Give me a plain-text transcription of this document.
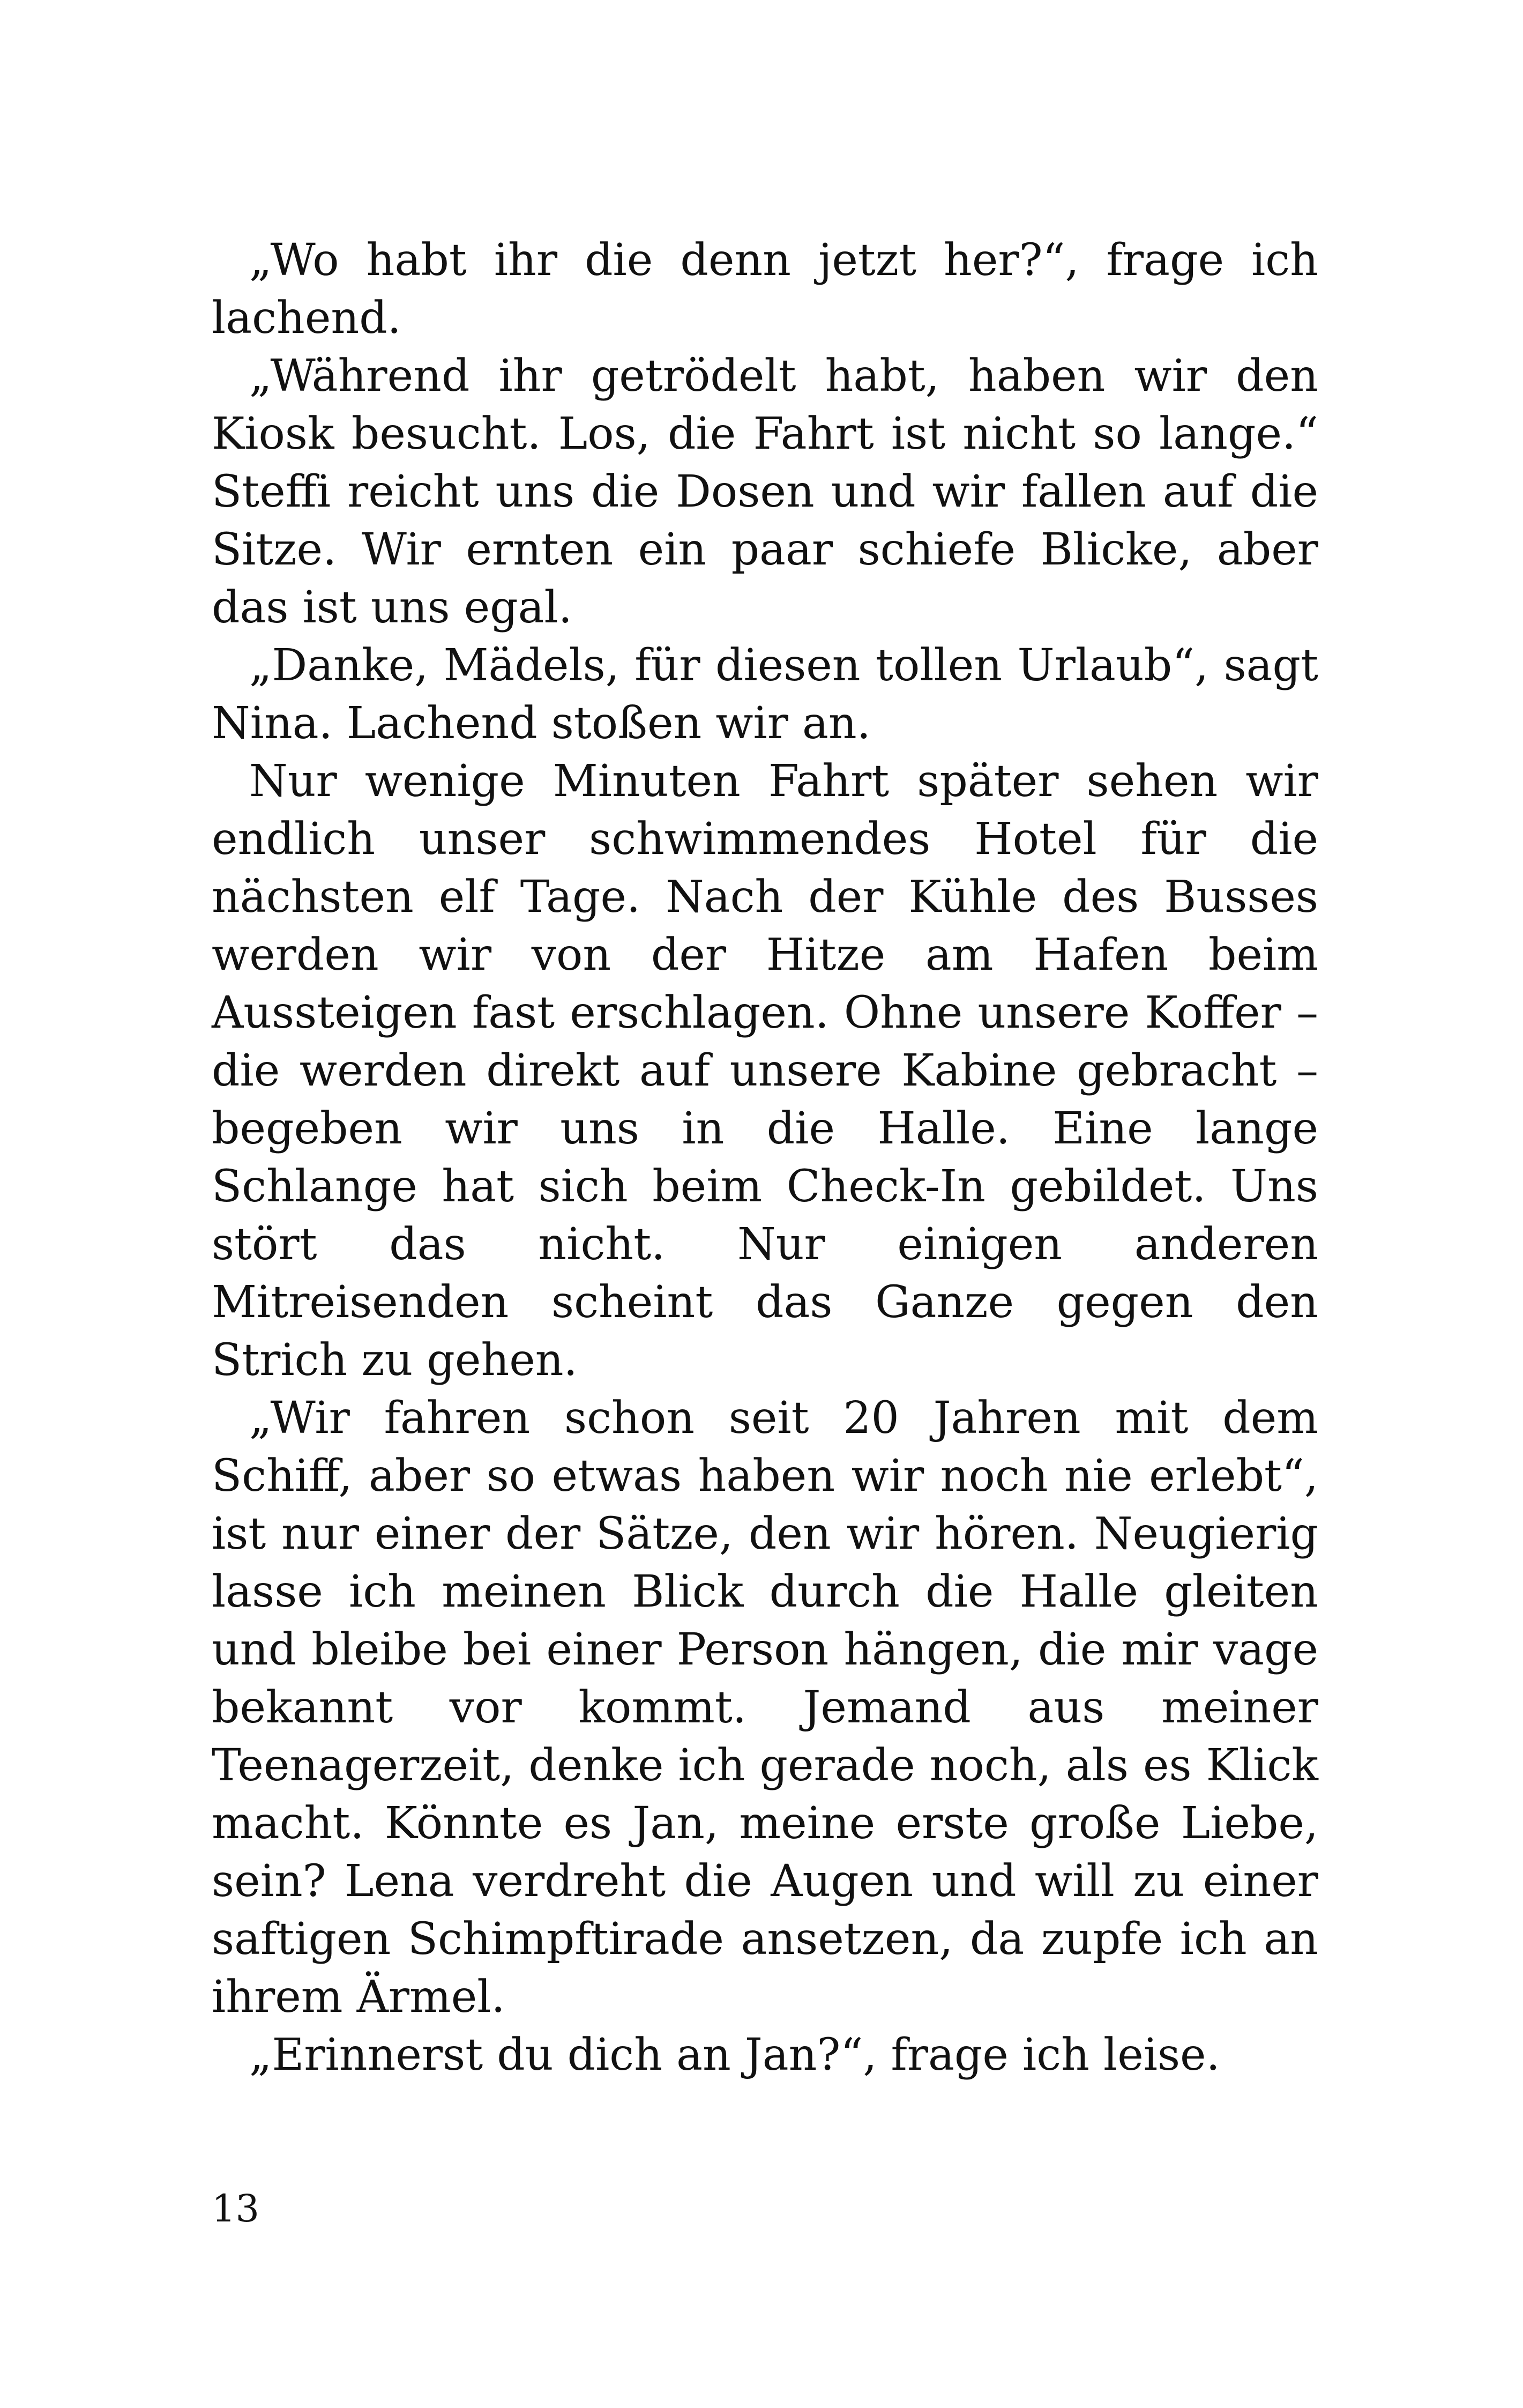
„Wo habt ihr die denn jetzt her?“, frage ich lachend.

„Während ihr getrödelt habt, haben wir den Kiosk besucht. Los, die Fahrt ist nicht so lange.“ Steffi reicht uns die Dosen und wir fallen auf die Sitze. Wir ernten ein paar schiefe Blicke, aber das ist uns egal.

„Danke, Mädels, für diesen tollen Urlaub“, sagt Nina. Lachend stoßen wir an.

Nur wenige Minuten Fahrt später sehen wir endlich unser schwimmendes Hotel für die nächsten elf Tage. Nach der Kühle des Busses werden wir von der Hitze am Hafen beim Aussteigen fast erschlagen. Ohne unsere Koffer – die werden direkt auf unsere Kabine gebracht – begeben wir uns in die Halle. Eine lange Schlange hat sich beim Check-In gebildet. Uns stört das nicht. Nur einigen anderen Mitreisenden scheint das Ganze gegen den Strich zu gehen.

„Wir fahren schon seit 20 Jahren mit dem Schiff, aber so etwas haben wir noch nie erlebt“, ist nur einer der Sätze, den wir hören. Neugierig lasse ich meinen Blick durch die Halle gleiten und bleibe bei einer Person hängen, die mir vage bekannt vor kommt. Jemand aus meiner Teenagerzeit, denke ich gerade noch, als es Klick macht. Könnte es Jan, meine erste große Liebe, sein? Lena verdreht die Augen und will zu einer saftigen Schimpftirade ansetzen, da zupfe ich an ihrem Ärmel.

„Erinnerst du dich an Jan?“, frage ich leise.

13
